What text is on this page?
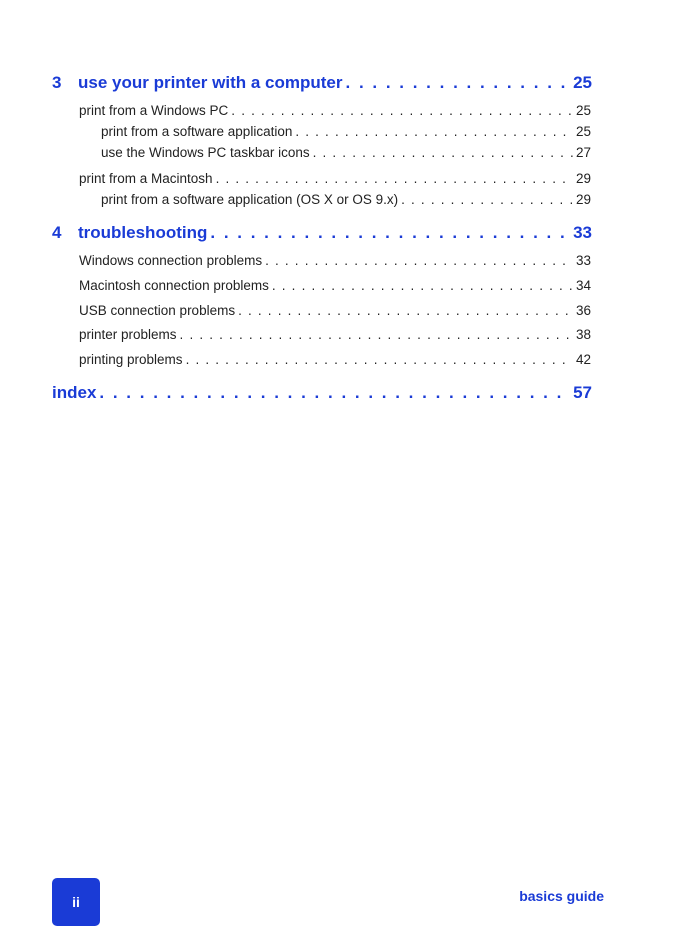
3 use your printer with a computer . . .	25
print from a Windows PC . . .	25
print from a software application . . .	25
use the Windows PC taskbar icons . . .	27
print from a Macintosh . . .	29
print from a software application (OS X or OS 9.x) . . .	29
4 troubleshooting . . .	33
Windows connection problems . . .	33
Macintosh connection problems . . .	34
USB connection problems . . .	36
printer problems . . .	38
printing problems . . .	42
index . . .	57
ii	basics guide
